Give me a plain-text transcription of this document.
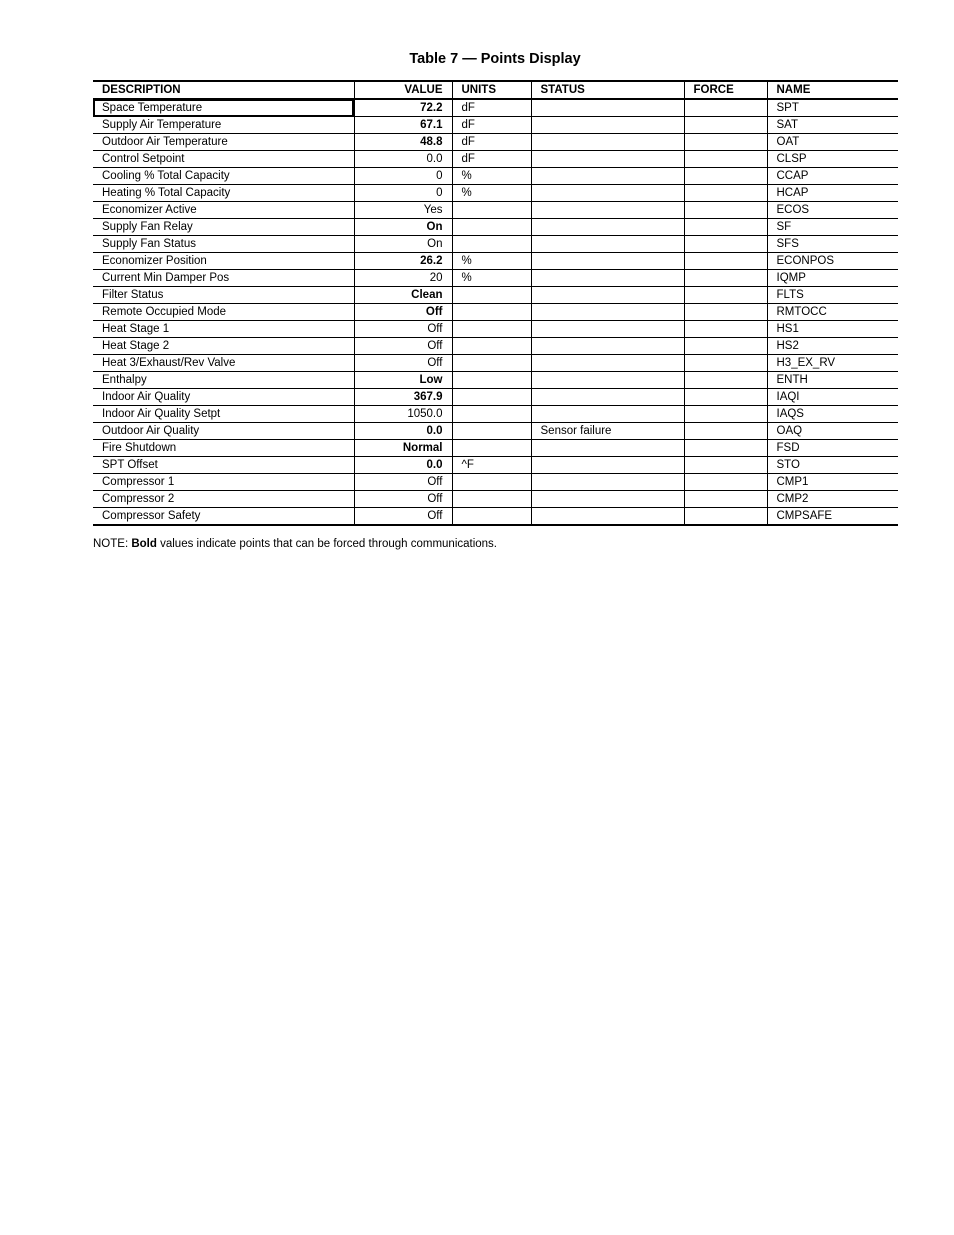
Table 7 — Points Display
DESCRIPTION	VALUE	UNITS	STATUS	FORCE	NAME
Space Temperature	72.2	dF			SPT
Supply Air Temperature	67.1	dF			SAT
Outdoor Air Temperature	48.8	dF			OAT
Control Setpoint	0.0	dF			CLSP
Cooling % Total Capacity	0	%			CCAP
Heating % Total Capacity	0	%			HCAP
Economizer Active	Yes				ECOS
Supply Fan Relay	On				SF
Supply Fan Status	On				SFS
Economizer Position	26.2	%			ECONPOS
Current Min Damper Pos	20	%			IQMP
Filter Status	Clean				FLTS
Remote Occupied Mode	Off				RMTOCC
Heat Stage 1	Off				HS1
Heat Stage 2	Off				HS2
Heat 3/Exhaust/Rev Valve	Off				H3_EX_RV
Enthalpy	Low				ENTH
Indoor Air Quality	367.9				IAQI
Indoor Air Quality Setpt	1050.0				IAQS
Outdoor Air Quality	0.0		Sensor failure		OAQ
Fire Shutdown	Normal				FSD
SPT Offset	0.0	^F			STO
Compressor 1	Off				CMP1
Compressor 2	Off				CMP2
Compressor Safety	Off				CMPSAFE
NOTE: Bold values indicate points that can be forced through communications.
